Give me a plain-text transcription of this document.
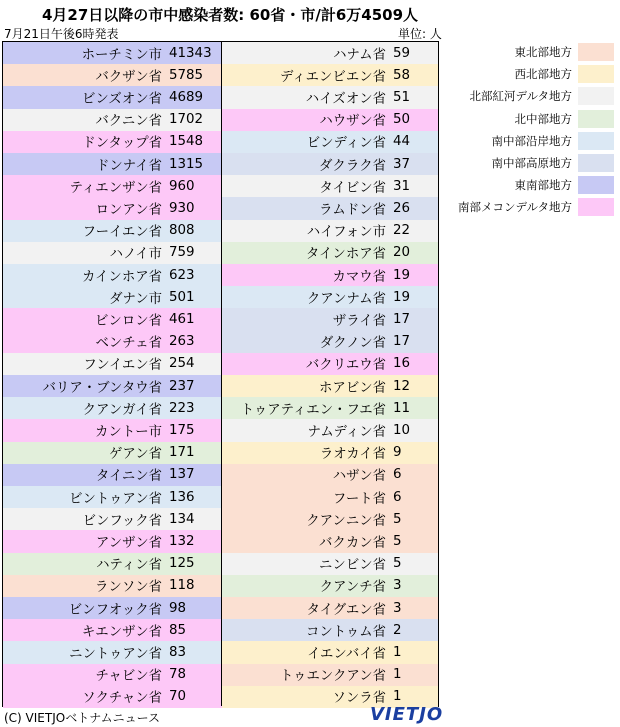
4月27日以降の市中感染者数: 60省・市/計6万4509人
7月21日午後6時発表	単位: 人
ホーチミン市 41343
バクザン省 5785
ビンズオン省 4689
バクニン省 1702
ドンタップ省 1548
ドンナイ省 1315
ティエンザン省 960
ロンアン省 930
フーイエン省 808
ハノイ市 759
カインホア省 623
ダナン市 501
ビンロン省 461
ベンチェ省 263
フンイエン省 254
バリア・ブンタウ省 237
クアンガイ省 223
カントー市 175
ゲアン省 171
タイニン省 137
ビントゥアン省 136
ビンフック省 134
アンザン省 132
ハティン省 125
ランソン省 118
ビンフオック省 98
キエンザン省 85
ニントゥアン省 83
チャビン省 78
ソクチャン省 70
ハナム省 59
ディエンビエン省 58
ハイズオン省 51
ハウザン省 50
ビンディン省 44
ダクラク省 37
タイビン省 31
ラムドン省 26
ハイフォン市 22
タインホア省 20
カマウ省 19
クアンナム省 19
ザライ省 17
ダクノン省 17
バクリエウ省 16
ホアビン省 12
トゥアティエン・フエ省 11
ナムディン省 10
ラオカイ省 9
ハザン省 6
フート省 6
クアンニン省 5
バクカン省 5
ニンビン省 5
クアンチ省 3
タイグエン省 3
コントゥム省 2
イエンバイ省 1
トゥエンクアン省 1
ソンラ省 1
東北部地方
西北部地方
北部紅河デルタ地方
北中部地方
南中部沿岸地方
南中部高原地方
東南部地方
南部メコンデルタ地方
(C) VIETJOベトナムニュース	VIETJO
